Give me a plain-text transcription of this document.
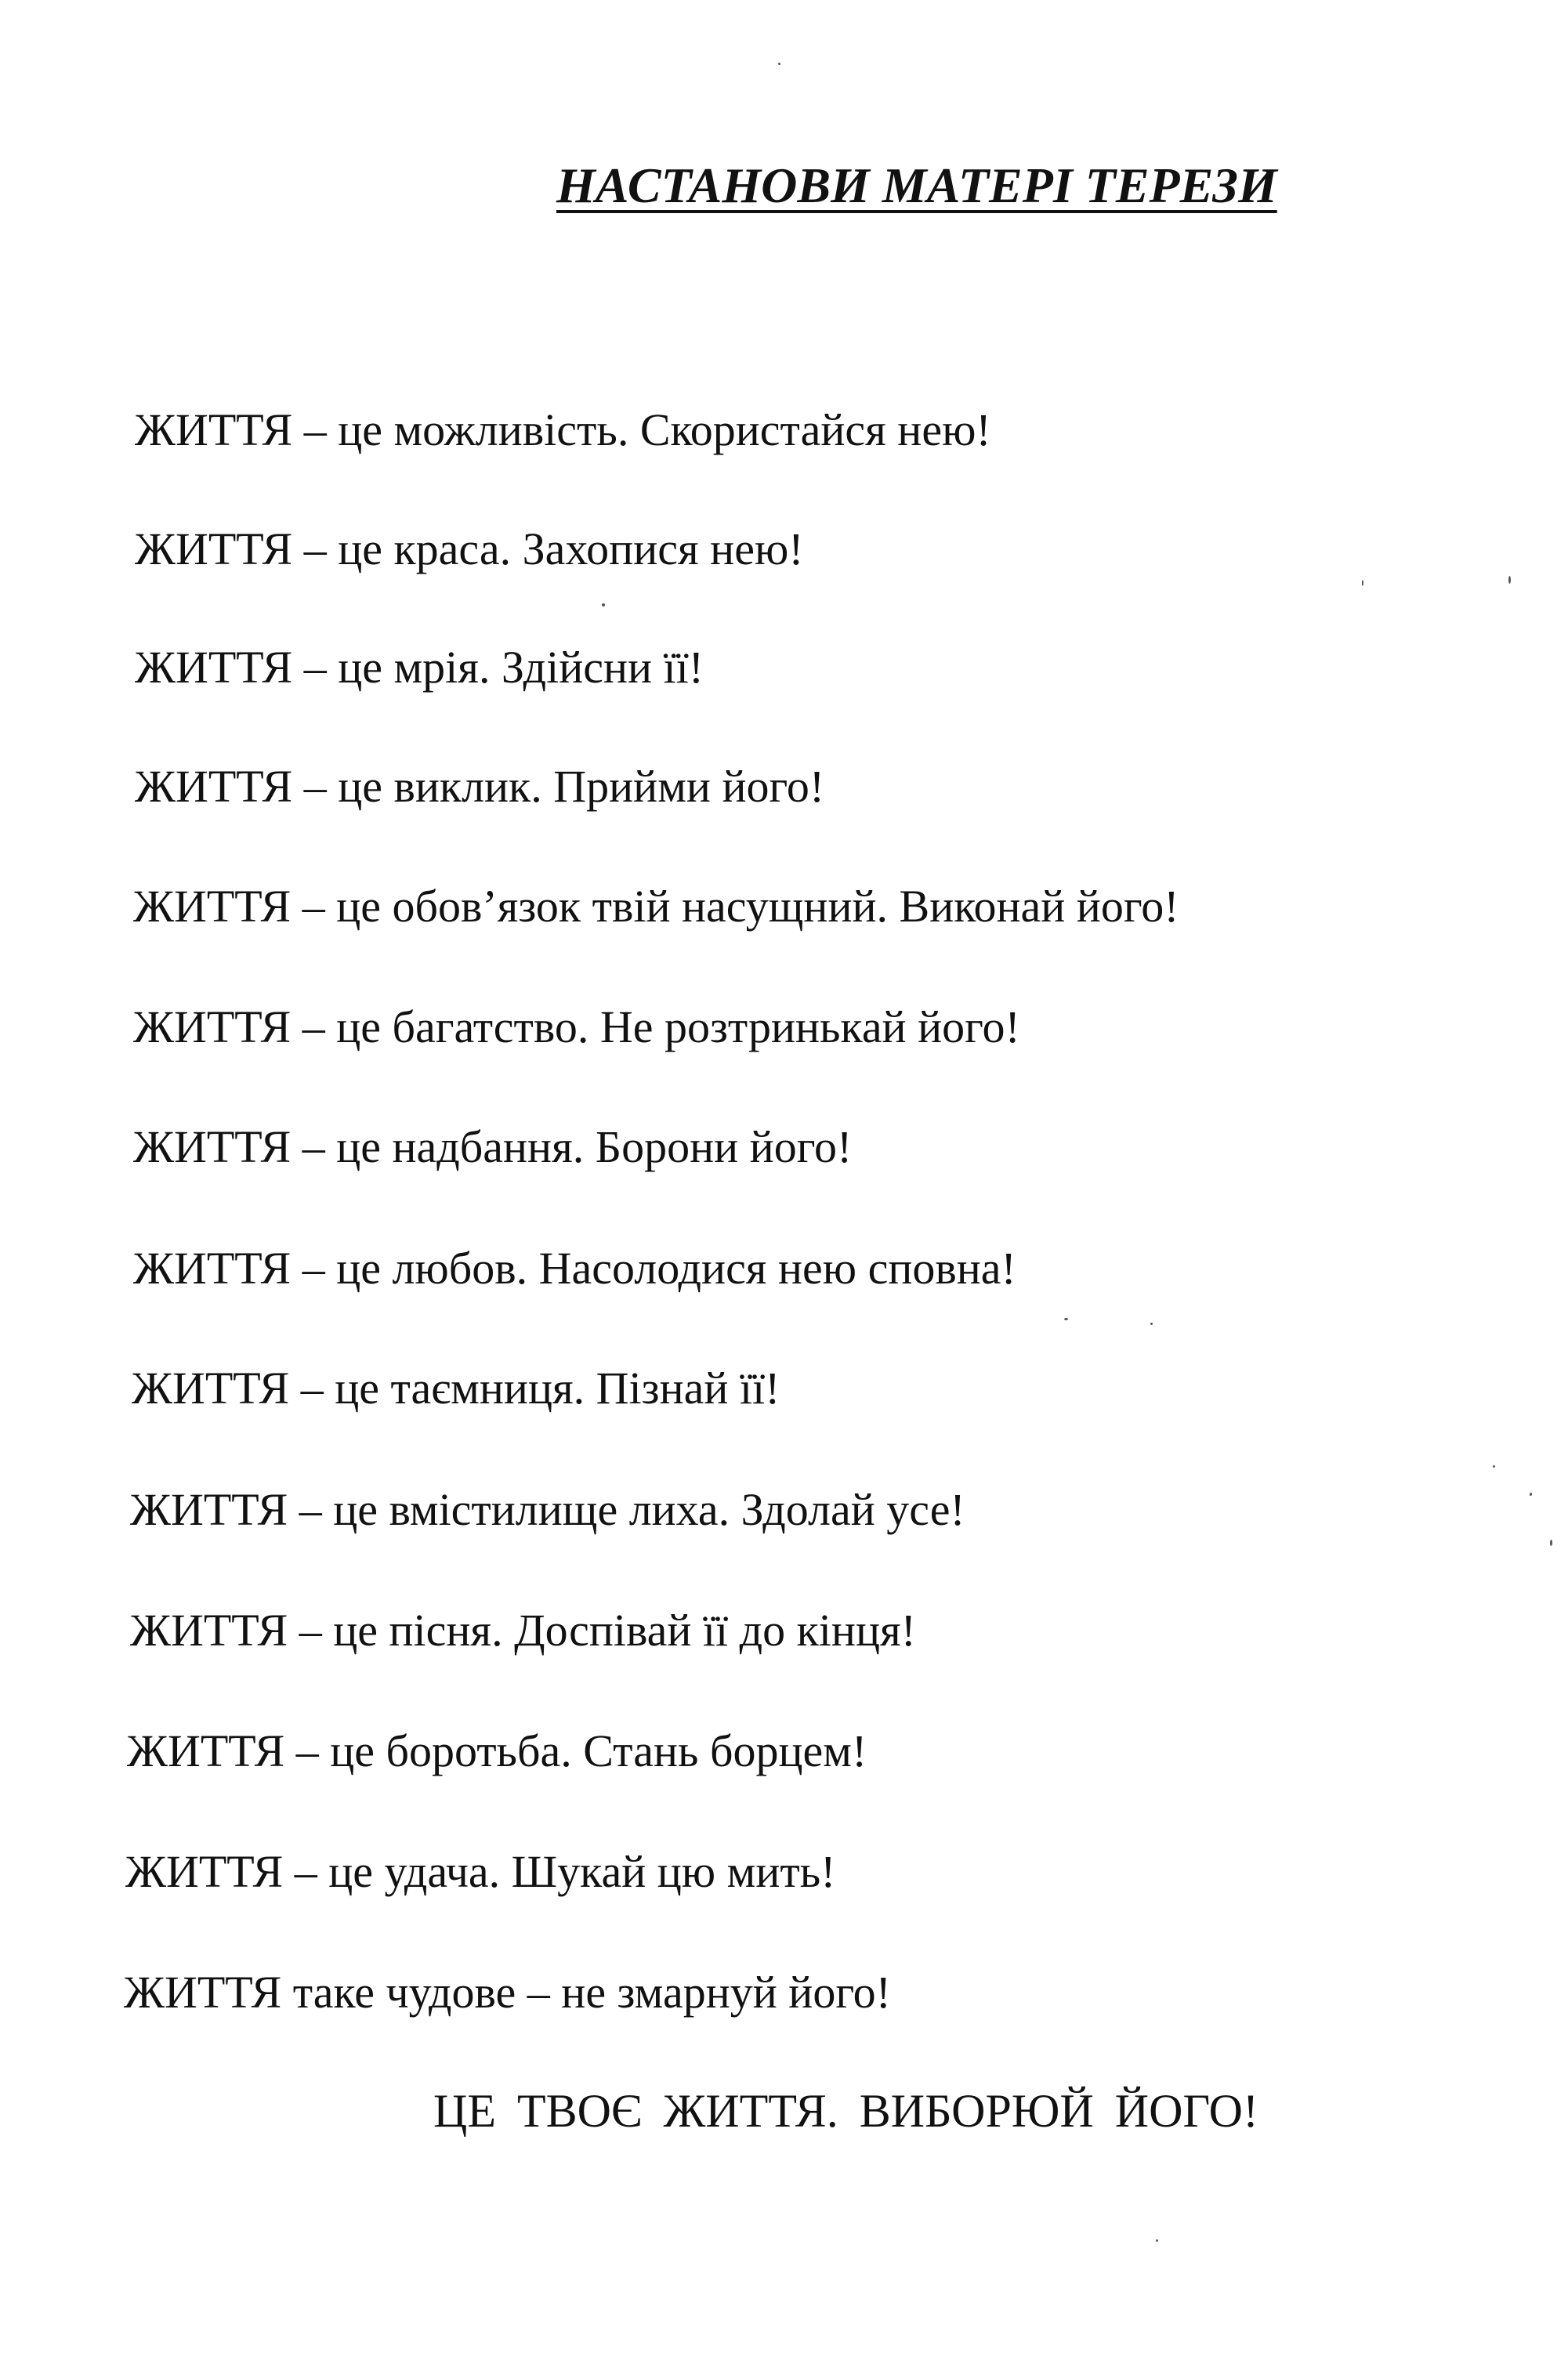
НАСТАНОВИ МАТЕРІ ТЕРЕЗИ
ЖИТТЯ – це можливість. Скористайся нею!
ЖИТТЯ – це краса. Захопися нею!
ЖИТТЯ – це мрія. Здійсни її!
ЖИТТЯ – це виклик. Прийми його!
ЖИТТЯ – це обов’язок твій насущний. Виконай його!
ЖИТТЯ – це багатство. Не розтринькай його!
ЖИТТЯ – це надбання. Борони його!
ЖИТТЯ – це любов. Насолодися нею сповна!
ЖИТТЯ – це таємниця. Пізнай її!
ЖИТТЯ – це вмістилище лиха. Здолай усе!
ЖИТТЯ – це пісня. Доспівай її до кінця!
ЖИТТЯ – це боротьба. Стань борцем!
ЖИТТЯ – це удача. Шукай цю мить!
ЖИТТЯ таке чудове – не змарнуй його!
ЦЕ ТВОЄ ЖИТТЯ. ВИБОРЮЙ ЙОГО!
